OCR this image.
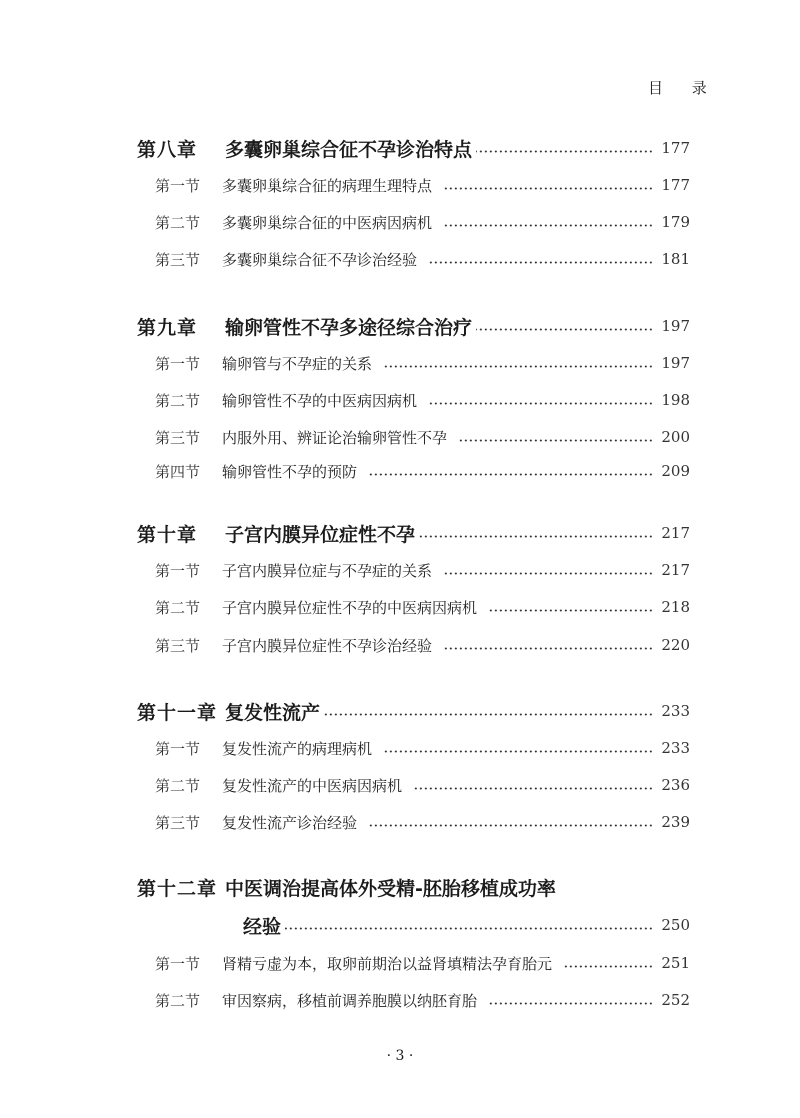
目 录
第八章	多囊卵巢综合征不孕诊治特点	177
第一节	多囊卵巢综合征的病理生理特点	177
第二节	多囊卵巢综合征的中医病因病机	179
第三节	多囊卵巢综合征不孕诊治经验	181
第九章	输卵管性不孕多途径综合治疗	197
第一节	输卵管与不孕症的关系	197
第二节	输卵管性不孕的中医病因病机	198
第三节	内服外用、辨证论治输卵管性不孕	200
第四节	输卵管性不孕的预防	209
第十章	子宫内膜异位症性不孕	217
第一节	子宫内膜异位症与不孕症的关系	217
第二节	子宫内膜异位症性不孕的中医病因病机	218
第三节	子宫内膜异位症性不孕诊治经验	220
第十一章 复发性流产	233
第一节	复发性流产的病理病机	233
第二节	复发性流产的中医病因病机	236
第三节	复发性流产诊治经验	239
第十二章 中医调治提高体外受精-胚胎移植成功率
经验	250
第一节	肾精亏虚为本，取卵前期治以益肾填精法孕育胎元	251
第二节	审因察病，移植前调养胞膜以纳胚育胎	252
· 3 ·
